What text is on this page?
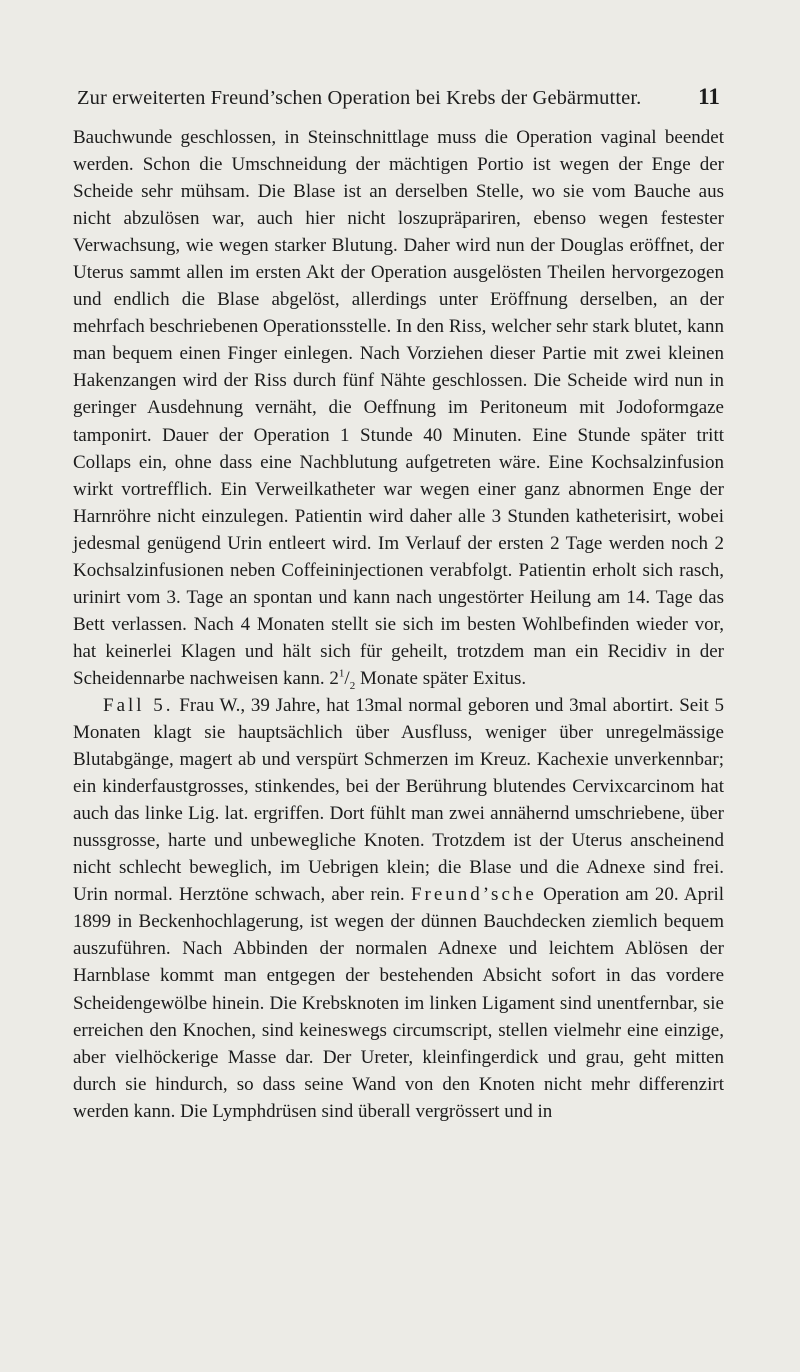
Zur erweiterten Freund’schen Operation bei Krebs der Gebärmutter. 11

Bauchwunde geschlossen, in Steinschnittlage muss die Operation vaginal beendet werden. Schon die Umschneidung der mächtigen Portio ist wegen der Enge der Scheide sehr mühsam. Die Blase ist an derselben Stelle, wo sie vom Bauche aus nicht abzulösen war, auch hier nicht loszupräpariren, ebenso wegen festester Verwachsung, wie wegen starker Blutung. Daher wird nun der Douglas eröffnet, der Uterus sammt allen im ersten Akt der Operation ausgelösten Theilen hervorgezogen und endlich die Blase abgelöst, allerdings unter Eröffnung derselben, an der mehrfach beschriebenen Operationsstelle. In den Riss, welcher sehr stark blutet, kann man bequem einen Finger einlegen. Nach Vorziehen dieser Partie mit zwei kleinen Hakenzangen wird der Riss durch fünf Nähte geschlossen. Die Scheide wird nun in geringer Ausdehnung vernäht, die Oeffnung im Peritoneum mit Jodoformgaze tamponirt. Dauer der Operation 1 Stunde 40 Minuten. Eine Stunde später tritt Collaps ein, ohne dass eine Nachblutung aufgetreten wäre. Eine Kochsalzinfusion wirkt vortrefflich. Ein Verweilkatheter war wegen einer ganz abnormen Enge der Harnröhre nicht einzulegen. Patientin wird daher alle 3 Stunden katheterisirt, wobei jedesmal genügend Urin entleert wird. Im Verlauf der ersten 2 Tage werden noch 2 Kochsalzinfusionen neben Coffeininjectionen verabfolgt. Patientin erholt sich rasch, urinirt vom 3. Tage an spontan und kann nach ungestörter Heilung am 14. Tage das Bett verlassen. Nach 4 Monaten stellt sie sich im besten Wohlbefinden wieder vor, hat keinerlei Klagen und hält sich für geheilt, trotzdem man ein Recidiv in der Scheidennarbe nachweisen kann. $2^1/_2$ Monate später Exitus.

Fall 5. Frau W., 39 Jahre, hat 13mal normal geboren und 3mal abortirt. Seit 5 Monaten klagt sie hauptsächlich über Ausfluss, weniger über unregelmässige Blutabgänge, magert ab und verspürt Schmerzen im Kreuz. Kachexie unverkennbar; ein kinderfaustgrosses, stinkendes, bei der Berührung blutendes Cervixcarcinom hat auch das linke Lig. lat. ergriffen. Dort fühlt man zwei annähernd umschriebene, über nussgrosse, harte und unbewegliche Knoten. Trotzdem ist der Uterus anscheinend nicht schlecht beweglich, im Uebrigen klein; die Blase und die Adnexe sind frei. Urin normal. Herztöne schwach, aber rein. Freund’sche Operation am 20. April 1899 in Beckenhochlagerung, ist wegen der dünnen Bauchdecken ziemlich bequem auszuführen. Nach Abbinden der normalen Adnexe und leichtem Ablösen der Harnblase kommt man entgegen der bestehenden Absicht sofort in das vordere Scheidengewölbe hinein. Die Krebsknoten im linken Ligament sind unentfernbar, sie erreichen den Knochen, sind keineswegs circumscript, stellen vielmehr eine einzige, aber vielhöckerige Masse dar. Der Ureter, kleinfingerdick und grau, geht mitten durch sie hindurch, so dass seine Wand von den Knoten nicht mehr differenzirt werden kann. Die Lymphdrüsen sind überall vergrössert und in
